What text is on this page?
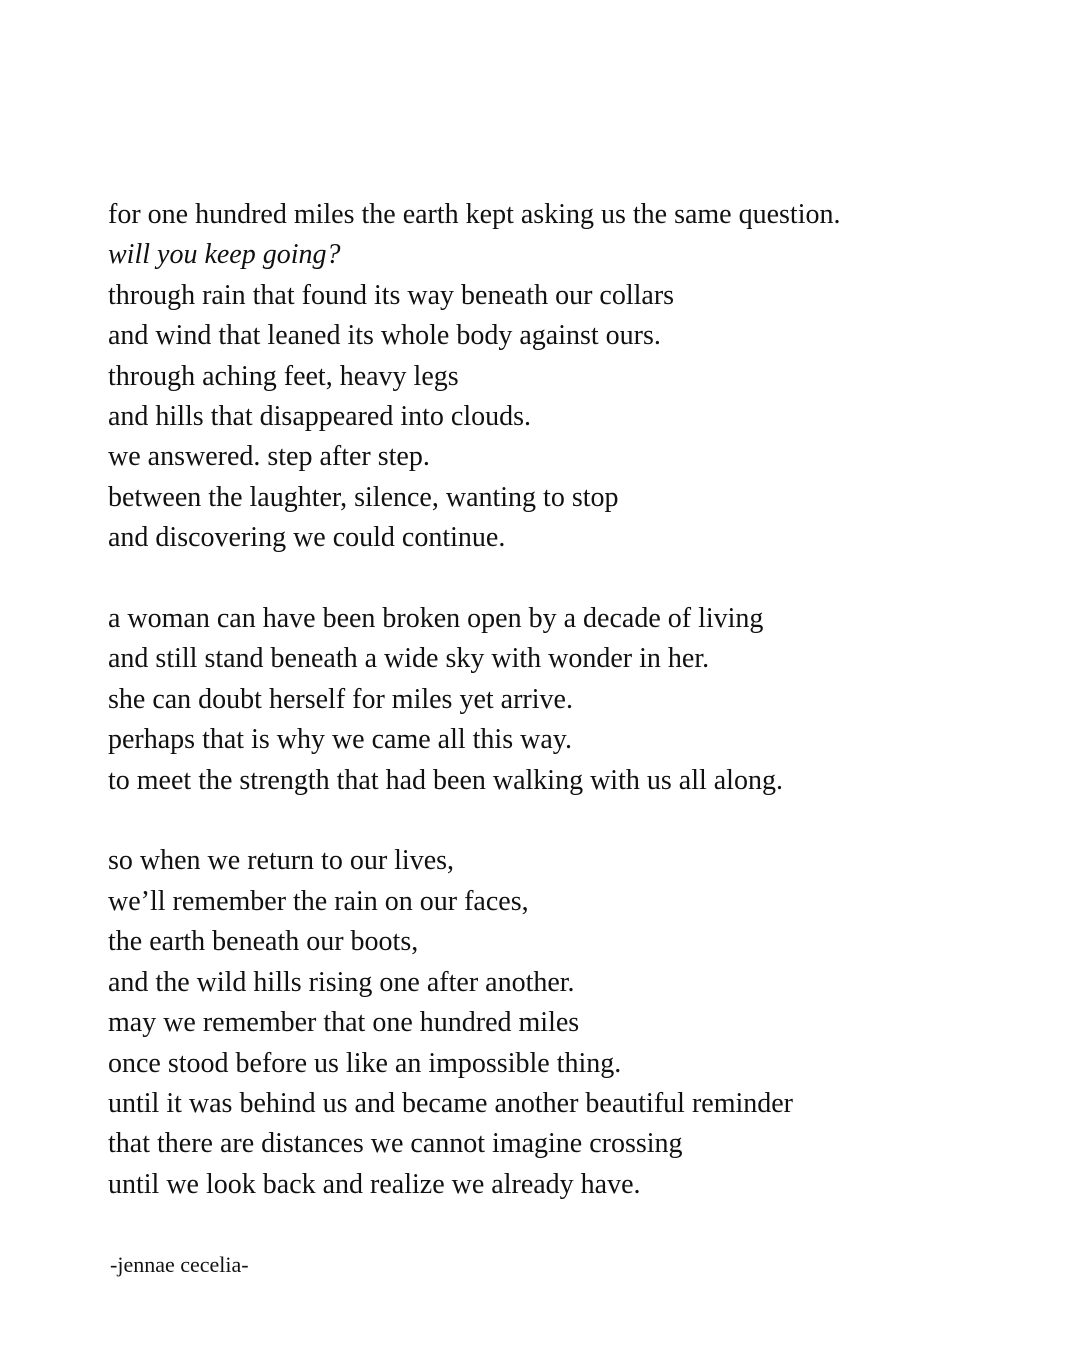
for one hundred miles the earth kept asking us the same question.
will you keep going?
through rain that found its way beneath our collars
and wind that leaned its whole body against ours.
through aching feet, heavy legs
and hills that disappeared into clouds.
we answered. step after step.
between the laughter, silence, wanting to stop
and discovering we could continue.
a woman can have been broken open by a decade of living
and still stand beneath a wide sky with wonder in her.
she can doubt herself for miles yet arrive.
perhaps that is why we came all this way.
to meet the strength that had been walking with us all along.
so when we return to our lives,
we’ll remember the rain on our faces,
the earth beneath our boots,
and the wild hills rising one after another.
may we remember that one hundred miles
once stood before us like an impossible thing.
until it was behind us and became another beautiful reminder
that there are distances we cannot imagine crossing
until we look back and realize we already have.

-jennae cecelia-
